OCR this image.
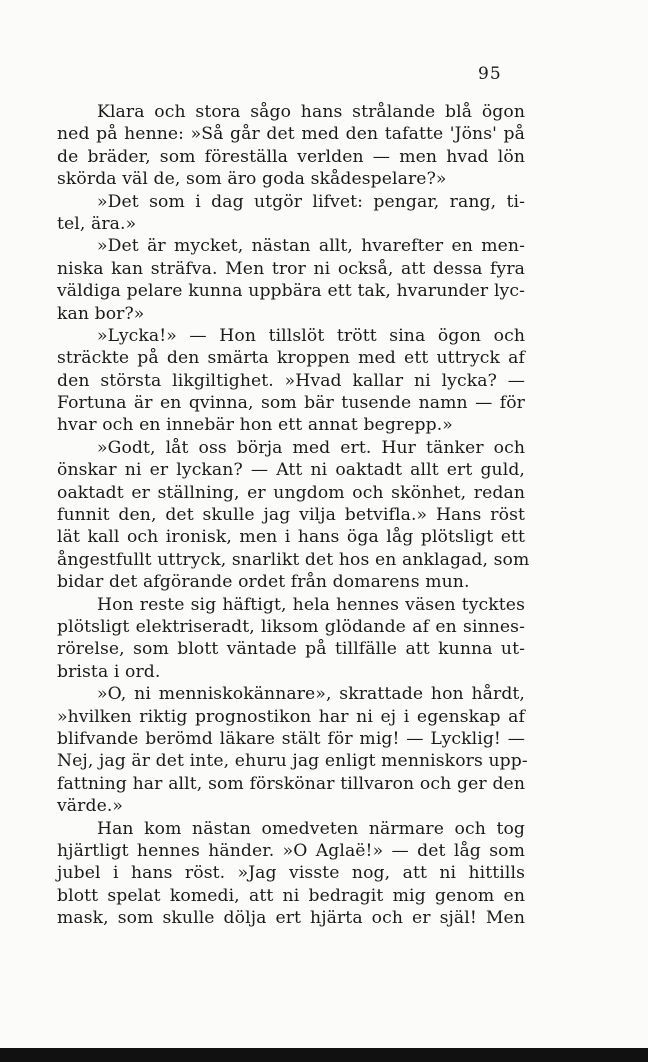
95
Klara och stora sågo hans strålande blå ögon
ned på henne: »Så går det med den tafatte 'Jöns' på
de bräder, som föreställa verlden — men hvad lön
skörda väl de, som äro goda skådespelare?»
»Det som i dag utgör lifvet: pengar, rang, ti-
tel, ära.»
»Det är mycket, nästan allt, hvarefter en men-
niska kan sträfva. Men tror ni också, att dessa fyra
väldiga pelare kunna uppbära ett tak, hvarunder lyc-
kan bor?»
»Lycka!» — Hon tillslöt trött sina ögon och
sträckte på den smärta kroppen med ett uttryck af
den största likgiltighet. »Hvad kallar ni lycka? —
Fortuna är en qvinna, som bär tusende namn — för
hvar och en innebär hon ett annat begrepp.»
»Godt, låt oss börja med ert. Hur tänker och
önskar ni er lyckan? — Att ni oaktadt allt ert guld,
oaktadt er ställning, er ungdom och skönhet, redan
funnit den, det skulle jag vilja betvifla.» Hans röst
lät kall och ironisk, men i hans öga låg plötsligt ett
ångestfullt uttryck, snarlikt det hos en anklagad, som
bidar det afgörande ordet från domarens mun.
Hon reste sig häftigt, hela hennes väsen tycktes
plötsligt elektriseradt, liksom glödande af en sinnes-
rörelse, som blott väntade på tillfälle att kunna ut-
brista i ord.
»O, ni menniskokännare», skrattade hon hårdt,
»hvilken riktig prognostikon har ni ej i egenskap af
blifvande berömd läkare stält för mig! — Lycklig! —
Nej, jag är det inte, ehuru jag enligt menniskors upp-
fattning har allt, som förskönar tillvaron och ger den
värde.»
Han kom nästan omedveten närmare och tog
hjärtligt hennes händer. »O Aglaë!» — det låg som
jubel i hans röst. »Jag visste nog, att ni hittills
blott spelat komedi, att ni bedragit mig genom en
mask, som skulle dölja ert hjärta och er själ! Men
